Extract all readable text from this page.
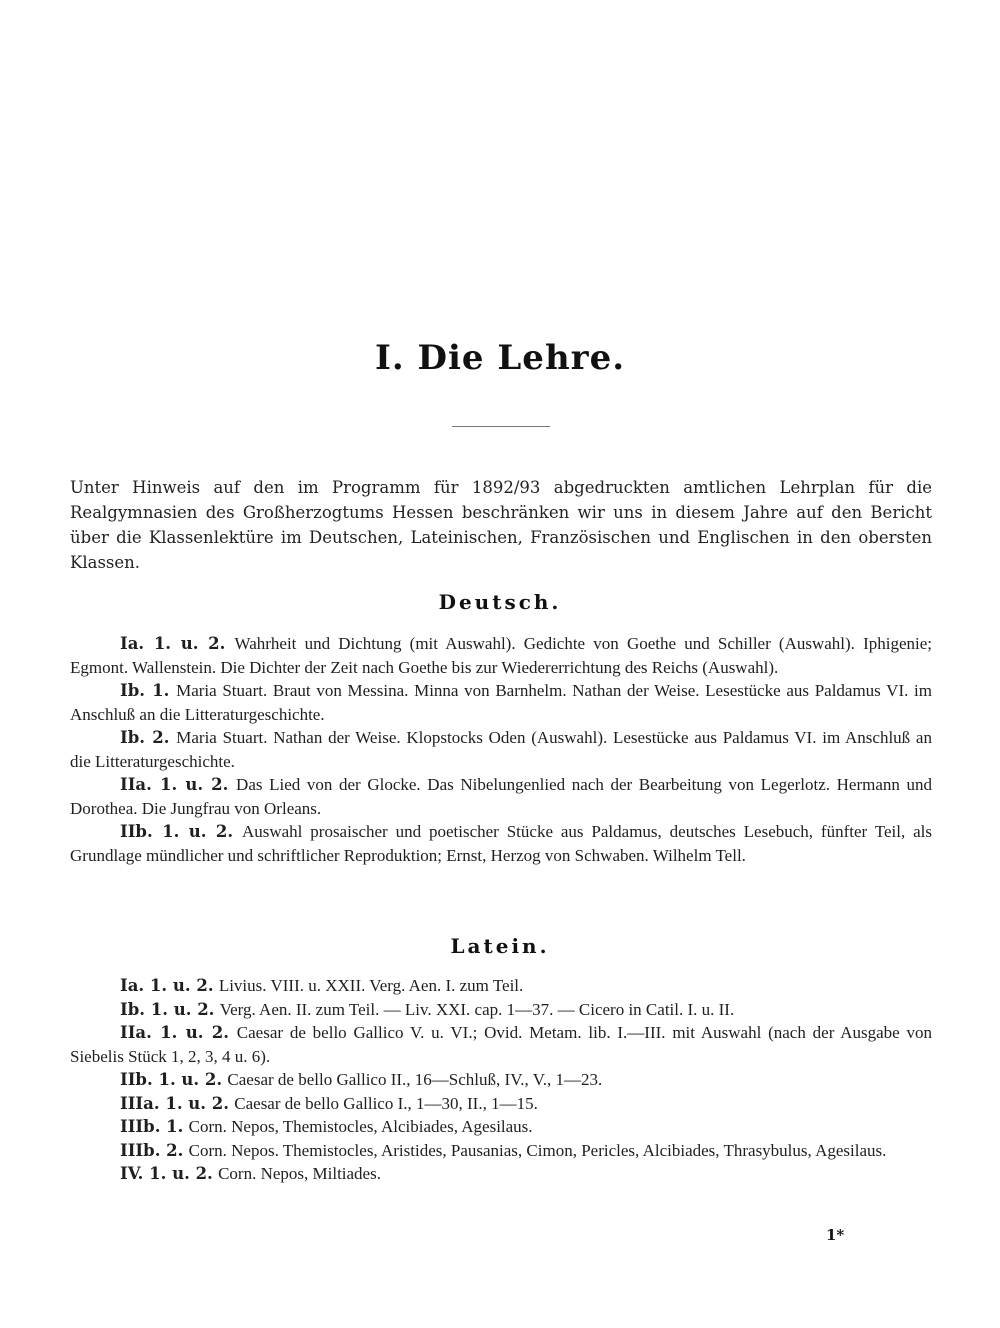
I. Die Lehre.

Unter Hinweis auf den im Programm für 1892/93 abgedruckten amtlichen Lehrplan für die Realgymnasien des Großherzogtums Hessen beschränken wir uns in diesem Jahre auf den Bericht über die Klassenlektüre im Deutschen, Lateinischen, Französischen und Englischen in den obersten Klassen.

Deutsch.

Ia. 1. u. 2. Wahrheit und Dichtung (mit Auswahl). Gedichte von Goethe und Schiller (Auswahl). Iphigenie; Egmont. Wallenstein. Die Dichter der Zeit nach Goethe bis zur Wiedererrichtung des Reichs (Auswahl).

Ib. 1. Maria Stuart. Braut von Messina. Minna von Barnhelm. Nathan der Weise. Lesestücke aus Paldamus VI. im Anschluß an die Litteraturgeschichte.

Ib. 2. Maria Stuart. Nathan der Weise. Klopstocks Oden (Auswahl). Lesestücke aus Paldamus VI. im Anschluß an die Litteraturgeschichte.

IIa. 1. u. 2. Das Lied von der Glocke. Das Nibelungenlied nach der Bearbeitung von Legerlotz. Hermann und Dorothea. Die Jungfrau von Orleans.

IIb. 1. u. 2. Auswahl prosaischer und poetischer Stücke aus Paldamus, deutsches Lesebuch, fünfter Teil, als Grundlage mündlicher und schriftlicher Reproduktion; Ernst, Herzog von Schwaben. Wilhelm Tell.

Latein.

Ia. 1. u. 2. Livius. VIII. u. XXII. Verg. Aen. I. zum Teil.

Ib. 1. u. 2. Verg. Aen. II. zum Teil. — Liv. XXI. cap. 1—37. — Cicero in Catil. I. u. II.

IIa. 1. u. 2. Caesar de bello Gallico V. u. VI.; Ovid. Metam. lib. I.—III. mit Auswahl (nach der Ausgabe von Siebelis Stück 1, 2, 3, 4 u. 6).

IIb. 1. u. 2. Caesar de bello Gallico II., 16—Schluß, IV., V., 1—23.

IIIa. 1. u. 2. Caesar de bello Gallico I., 1—30, II., 1—15.

IIIb. 1. Corn. Nepos, Themistocles, Alcibiades, Agesilaus.

IIIb. 2. Corn. Nepos. Themistocles, Aristides, Pausanias, Cimon, Pericles, Alcibiades, Thrasybulus, Agesilaus.

IV. 1. u. 2. Corn. Nepos, Miltiades.

1*
